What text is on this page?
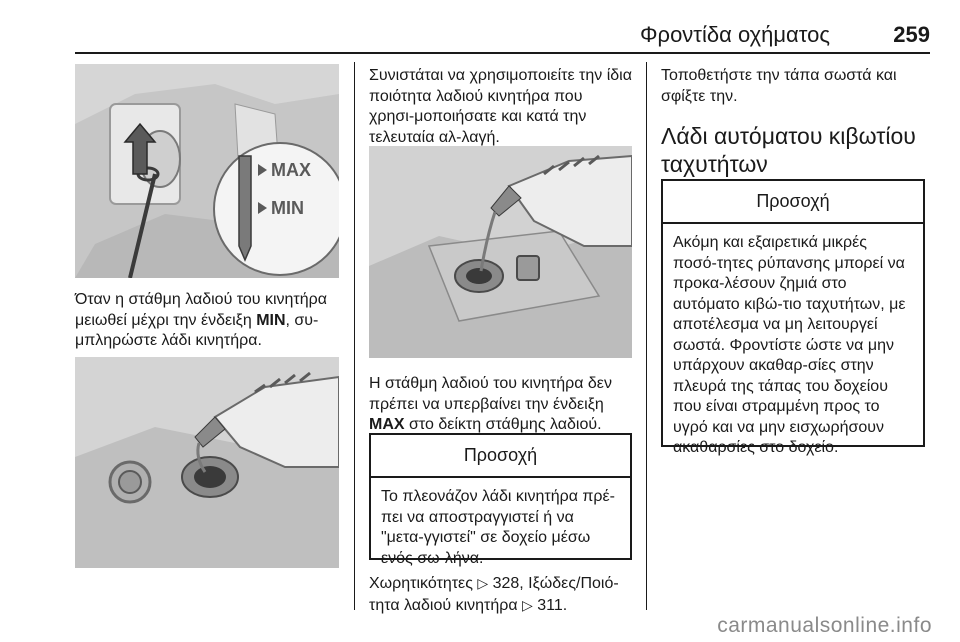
Φροντίδα οχήματος	259
MAX
MIN
Όταν η στάθμη λαδιού του κινητήρα μειωθεί μέχρι την ένδειξη MIN, συ-μπληρώστε λάδι κινητήρα.
Συνιστάται να χρησιμοποιείτε την ίδια ποιότητα λαδιού κινητήρα που χρησι-μοποιήσατε και κατά την τελευταία αλ-λαγή.
Η στάθμη λαδιού του κινητήρα δεν πρέπει να υπερβαίνει την ένδειξη MAX στο δείκτη στάθμης λαδιού.
Προσοχή
Το πλεονάζον λάδι κινητήρα πρέ-πει να αποστραγγιστεί ή να "μετα-γγιστεί" σε δοχείο μέσω ενός σω-λήνα.
Χωρητικότητες ▷ 328, Ιξώδες/Ποιό-τητα λαδιού κινητήρα ▷ 311.
Τοποθετήστε την τάπα σωστά και σφίξτε την.
Λάδι αυτόματου κιβωτίου ταχυτήτων
Προσοχή
Ακόμη και εξαιρετικά μικρές ποσό-τητες ρύπανσης μπορεί να προκα-λέσουν ζημιά στο αυτόματο κιβώ-τιο ταχυτήτων, με αποτέλεσμα να μη λειτουργεί σωστά. Φροντίστε ώστε να μην υπάρχουν ακαθαρ-σίες στην πλευρά της τάπας του δοχείου που είναι στραμμένη προς το υγρό και να μην εισχωρήσουν ακαθαρσίες στο δοχείο.
carmanualsonline.info
